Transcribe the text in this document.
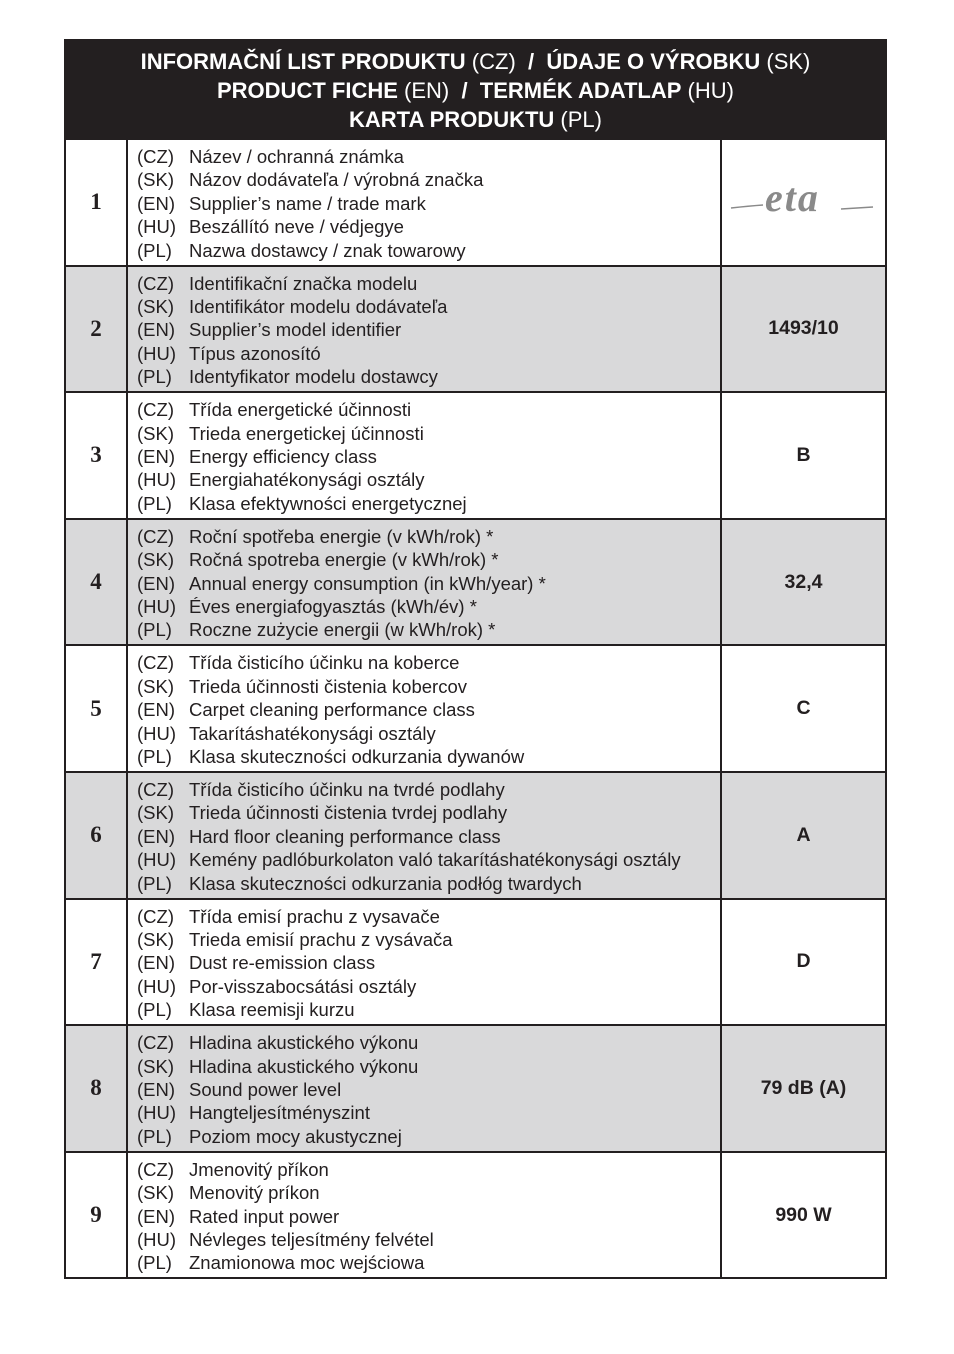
INFORMAČNÍ LIST PRODUKTU (CZ)  /  ÚDAJE O VÝROBKU (SK)
PRODUCT FICHE (EN)  /  TERMÉK ADATLAP (HU)
KARTA PRODUKTU (PL)
1
(CZ) Název / ochranná známka
(SK) Názov dodávateľa / výrobná značka
(EN) Supplier’s name / trade mark
(HU) Beszállító neve / védjegye
(PL) Nazwa dostawcy / znak towarowy
eta
2
(CZ) Identifikační značka modelu
(SK) Identifikátor modelu dodávateľa
(EN) Supplier’s model identifier
(HU) Típus azonosító
(PL) Identyfikator modelu dostawcy
1493/10
3
(CZ) Třída energetické účinnosti
(SK) Trieda energetickej účinnosti
(EN) Energy efficiency class
(HU) Energiahatékonysági osztály
(PL) Klasa efektywności energetycznej
B
4
(CZ) Roční spotřeba energie (v kWh/rok) *
(SK) Ročná spotreba energie (v kWh/rok) *
(EN) Annual energy consumption (in kWh/year) *
(HU) Éves energiafogyasztás (kWh/év) *
(PL) Roczne zużycie energii (w kWh/rok) *
32,4
5
(CZ) Třída čisticího účinku na koberce
(SK) Trieda účinnosti čistenia kobercov
(EN) Carpet cleaning performance class
(HU) Takarításhatékonysági osztály
(PL) Klasa skuteczności odkurzania dywanów
C
6
(CZ) Třída čisticího účinku na tvrdé podlahy
(SK) Trieda účinnosti čistenia tvrdej podlahy
(EN) Hard floor cleaning performance class
(HU) Kemény padlóburkolaton való takarításhatékonysági osztály
(PL) Klasa skuteczności odkurzania podłóg twardych
A
7
(CZ) Třída emisí prachu z vysavače
(SK) Trieda emisií prachu z vysávača
(EN) Dust re-emission class
(HU) Por-visszabocsátási osztály
(PL) Klasa reemisji kurzu
D
8
(CZ) Hladina akustického výkonu
(SK) Hladina akustického výkonu
(EN) Sound power level
(HU) Hangteljesítményszint
(PL) Poziom mocy akustycznej
79 dB (A)
9
(CZ) Jmenovitý příkon
(SK) Menovitý príkon
(EN) Rated input power
(HU) Névleges teljesítmény felvétel
(PL) Znamionowa moc wejściowa
990 W
